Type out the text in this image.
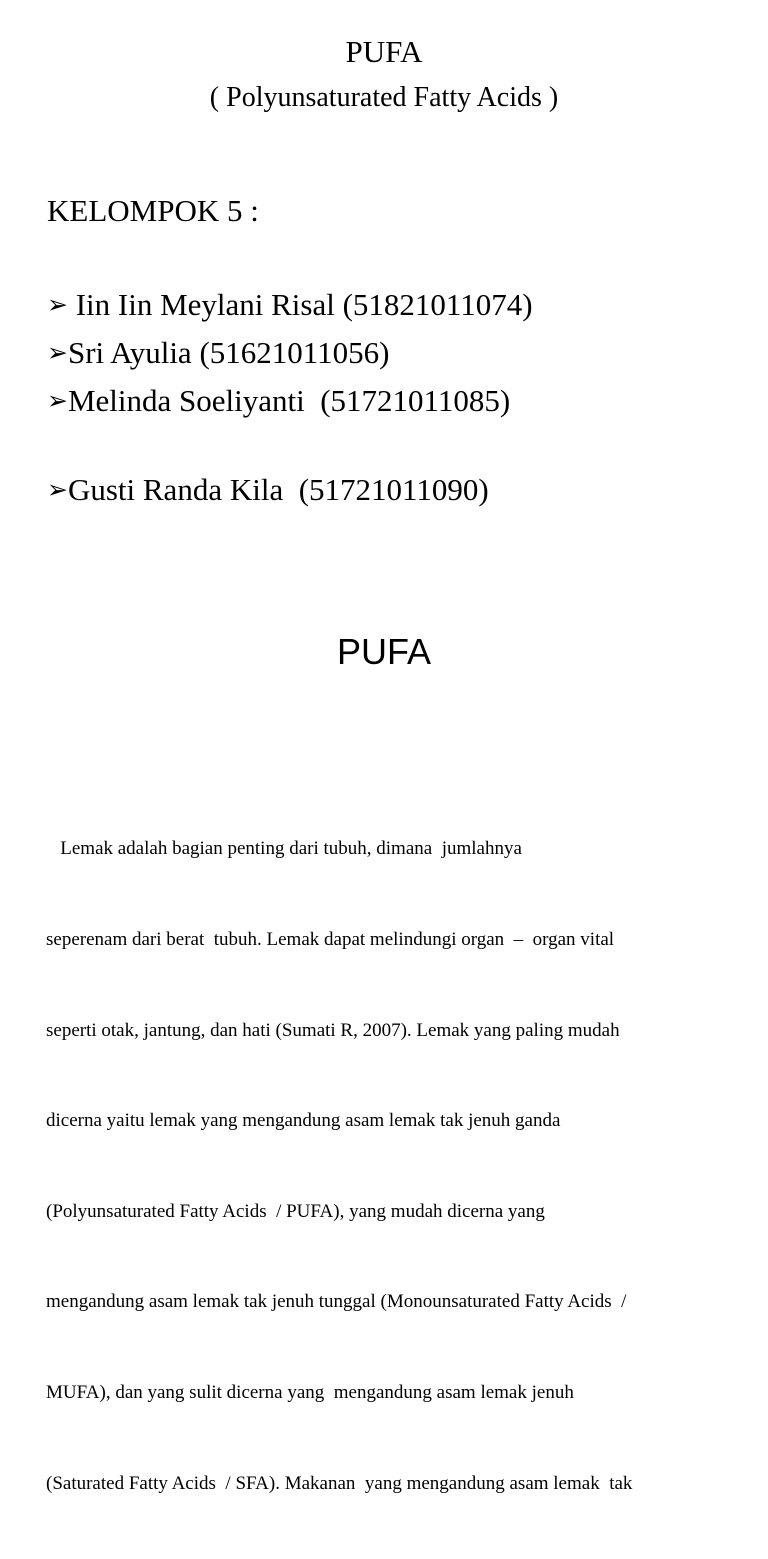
PUFA
( Polyunsaturated Fatty Acids )
KELOMPOK 5 :
➢ Iin Iin Meylani Risal (51821011074)
➢Sri Ayulia (51621011056)
➢Melinda Soeliyanti  (51721011085)
➢Gusti Randa Kila  (51721011090)
PUFA

Lemak adalah bagian penting dari tubuh, dimana  jumlahnya

seperenam dari berat  tubuh. Lemak dapat melindungi organ  –  organ vital

seperti otak, jantung, dan hati (Sumati R, 2007). Lemak yang paling mudah

dicerna yaitu lemak yang mengandung asam lemak tak jenuh ganda

(Polyunsaturated Fatty Acids  / PUFA), yang mudah dicerna yang

mengandung asam lemak tak jenuh tunggal (Monounsaturated Fatty Acids  /

MUFA), dan yang sulit dicerna yang  mengandung asam lemak jenuh

(Saturated Fatty Acids  / SFA). Makanan  yang mengandung asam lemak  tak
